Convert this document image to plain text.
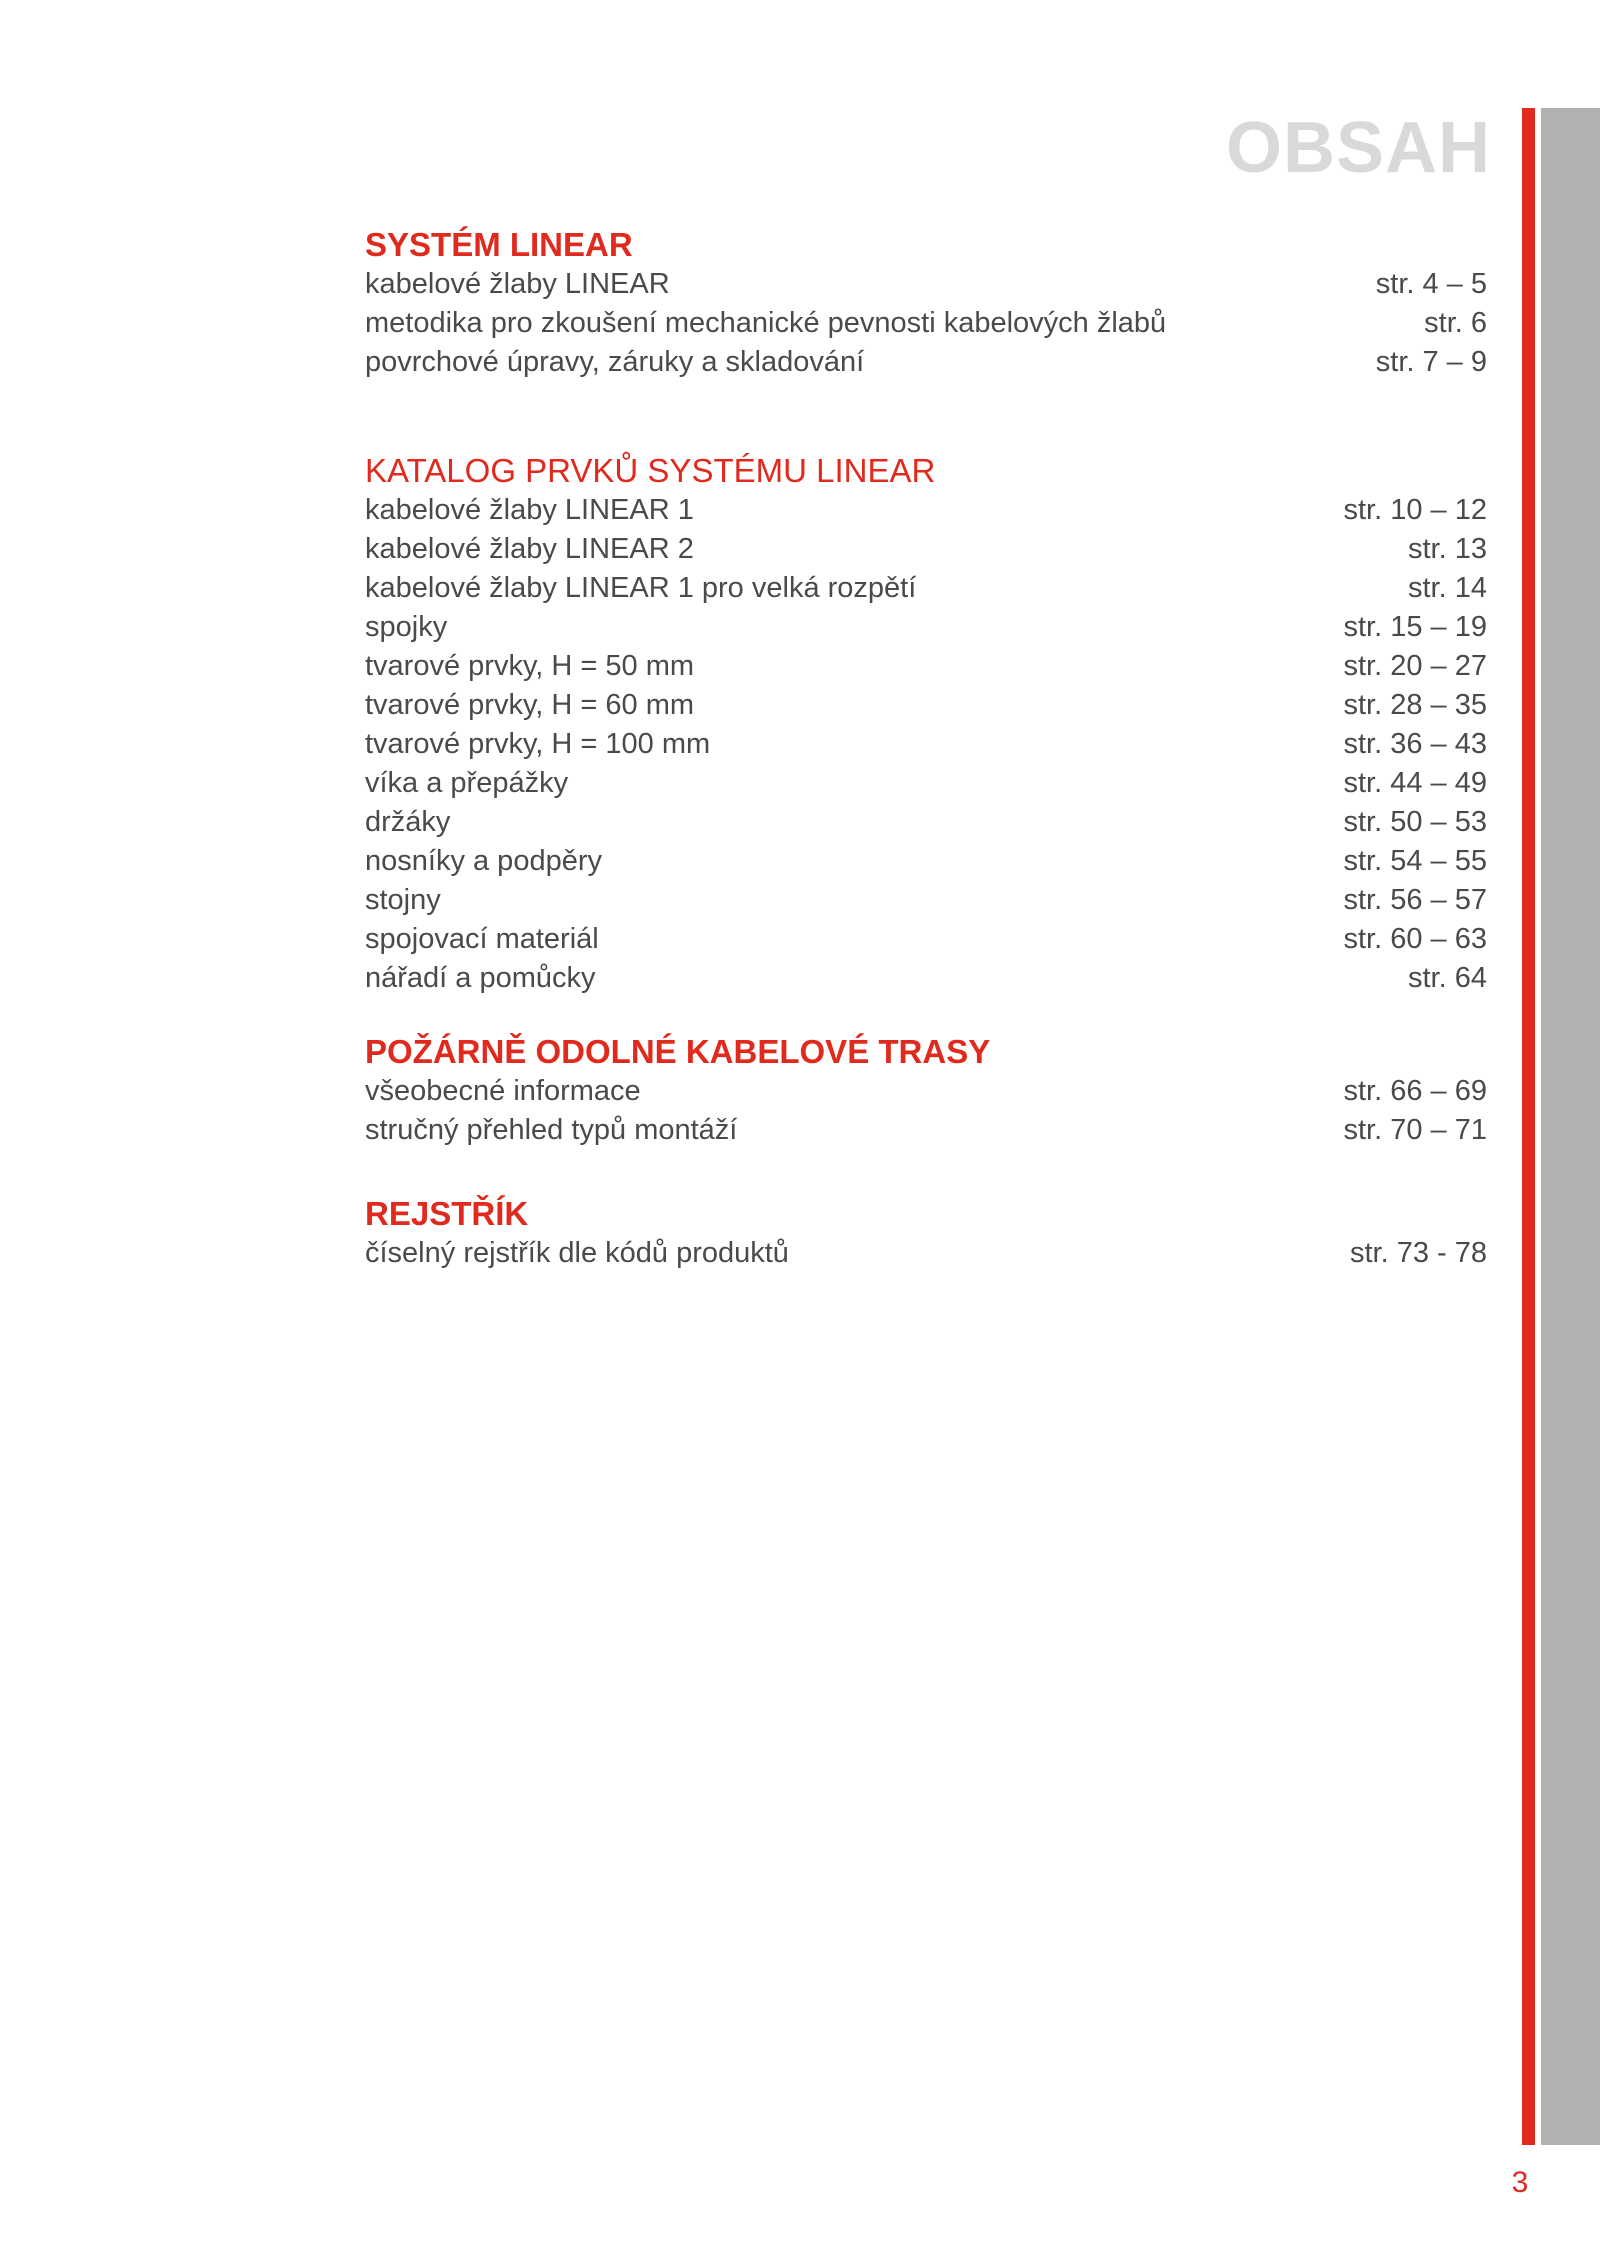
OBSAH
SYSTÉM LINEAR
kabelové žlaby LINEAR	str. 4 – 5
metodika pro zkoušení mechanické pevnosti kabelových žlabů	str. 6
povrchové úpravy, záruky a skladování	str. 7 – 9
KATALOG PRVKŮ SYSTÉMU LINEAR
kabelové žlaby LINEAR 1	str. 10 – 12
kabelové žlaby LINEAR 2	str. 13
kabelové žlaby LINEAR 1 pro velká rozpětí	str. 14
spojky	str. 15 – 19
tvarové prvky, H = 50 mm	str. 20 – 27
tvarové prvky, H = 60 mm	str. 28 – 35
tvarové prvky, H = 100 mm	str. 36 – 43
víka a přepážky	str. 44 – 49
držáky	str. 50 – 53
nosníky a podpěry	str. 54 – 55
stojny	str. 56 – 57
spojovací materiál	str. 60 – 63
nářadí a pomůcky	str. 64
POŽÁRNĚ ODOLNÉ KABELOVÉ TRASY
všeobecné informace	str. 66 – 69
stručný přehled typů montáží	str. 70 – 71
REJSTŘÍK
číselný rejstřík dle kódů produktů	str. 73 - 78
3
